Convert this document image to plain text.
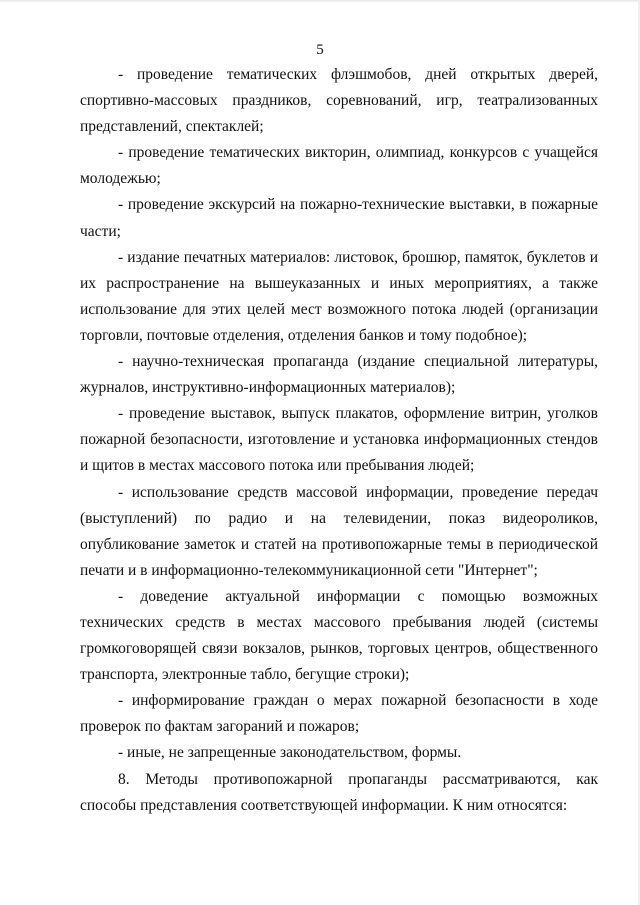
5

- проведение тематических флэшмобов, дней открытых дверей, спортивно-массовых праздников, соревнований, игр, театрализованных представлений, спектаклей;

- проведение тематических викторин, олимпиад, конкурсов с учащейся молодежью;

- проведение экскурсий на пожарно-технические выставки, в пожарные части;

- издание печатных материалов: листовок, брошюр, памяток, буклетов и их распространение на вышеуказанных и иных мероприятиях, а также использование для этих целей мест возможного потока людей (организации торговли, почтовые отделения, отделения банков и тому подобное);

- научно-техническая пропаганда (издание специальной литературы, журналов, инструктивно-информационных материалов);

- проведение выставок, выпуск плакатов, оформление витрин, уголков пожарной безопасности, изготовление и установка информационных стендов и щитов в местах массового потока или пребывания людей;

- использование средств массовой информации, проведение передач (выступлений) по радио и на телевидении, показ видеороликов, опубликование заметок и статей на противопожарные темы в периодической печати и в информационно-телекоммуникационной сети "Интернет";

- доведение актуальной информации с помощью возможных технических средств в местах массового пребывания людей (системы громкоговорящей связи вокзалов, рынков, торговых центров, общественного транспорта, электронные табло, бегущие строки);

- информирование граждан о мерах пожарной безопасности в ходе проверок по фактам загораний и пожаров;

- иные, не запрещенные законодательством, формы.

8. Методы противопожарной пропаганды рассматриваются, как способы представления соответствующей информации. К ним относятся:
